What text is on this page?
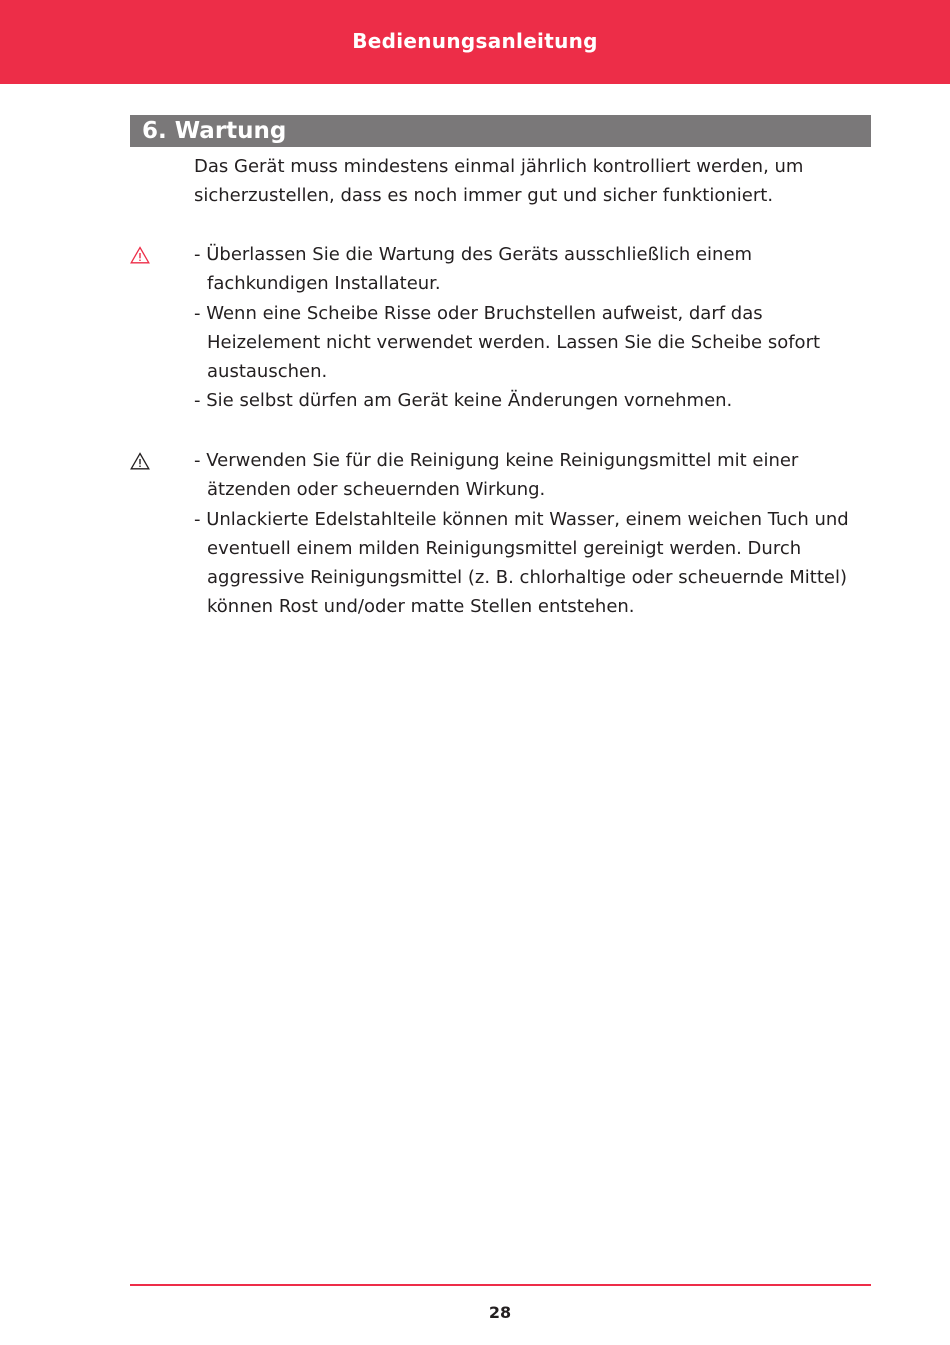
Bedienungsanleitung
6. Wartung
Das Gerät muss mindestens einmal jährlich kontrolliert werden, um
sicherzustellen, dass es noch immer gut und sicher funktioniert.
- Überlassen Sie die Wartung des Geräts ausschließlich einem
fachkundigen Installateur.
- Wenn eine Scheibe Risse oder Bruchstellen aufweist, darf das
Heizelement nicht verwendet werden. Lassen Sie die Scheibe sofort
austauschen.
- Sie selbst dürfen am Gerät keine Änderungen vornehmen.
- Verwenden Sie für die Reinigung keine Reinigungsmittel mit einer
ätzenden oder scheuernden Wirkung.
- Unlackierte Edelstahlteile können mit Wasser, einem weichen Tuch und
eventuell einem milden Reinigungsmittel gereinigt werden. Durch
aggressive Reinigungsmittel (z. B. chlorhaltige oder scheuernde Mittel)
können Rost und/oder matte Stellen entstehen.
28
